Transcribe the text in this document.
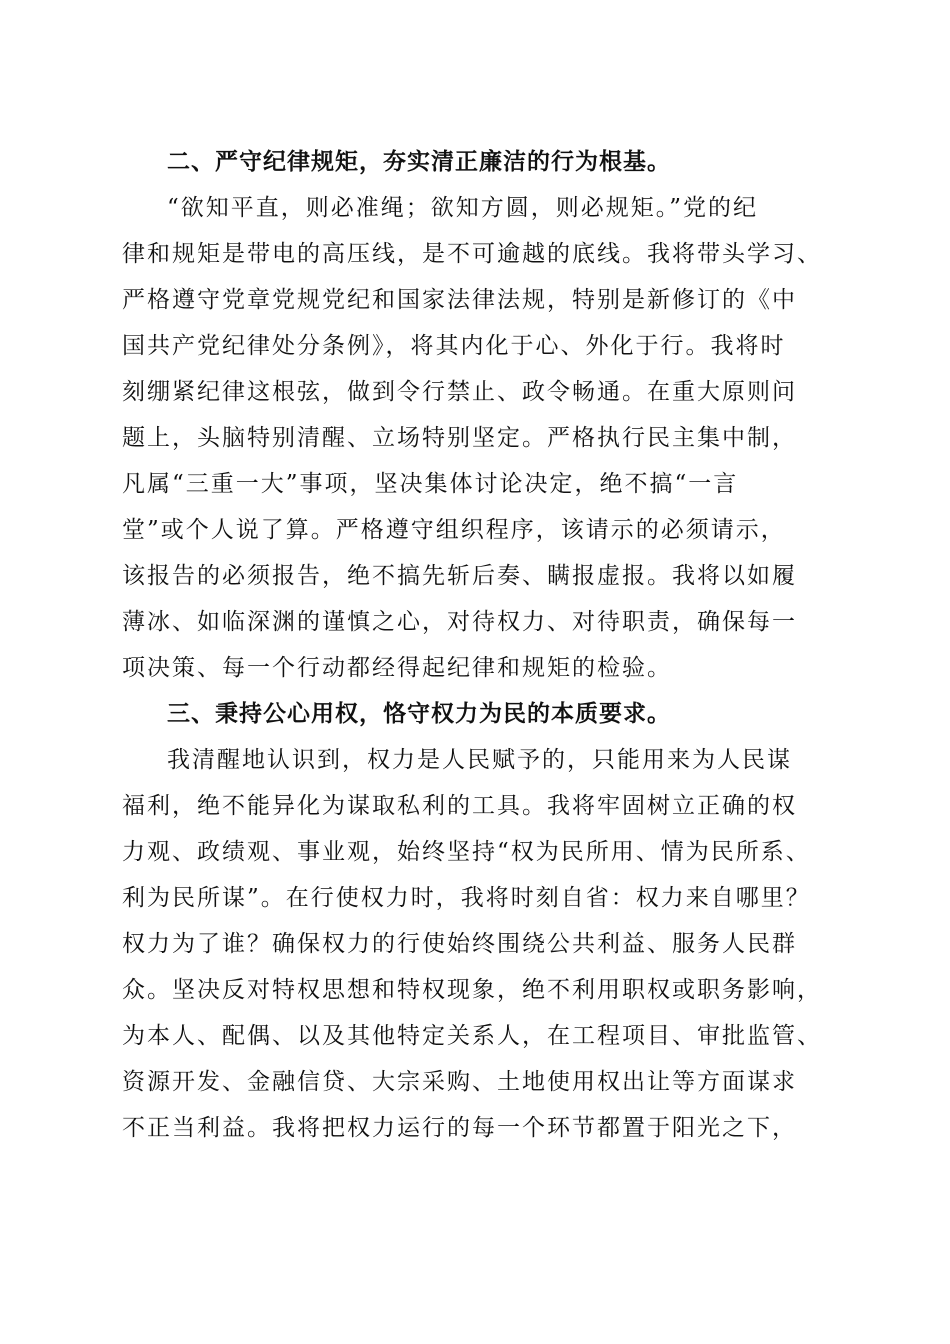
二、严守纪律规矩，夯实清正廉洁的行为根基。
“欲知平直，则必准绳；欲知方圆，则必规矩。”党的纪
律和规矩是带电的高压线，是不可逾越的底线。我将带头学习、
严格遵守党章党规党纪和国家法律法规，特别是新修订的《中
国共产党纪律处分条例》，将其内化于心、外化于行。我将时
刻绷紧纪律这根弦，做到令行禁止、政令畅通。在重大原则问
题上，头脑特别清醒、立场特别坚定。严格执行民主集中制，
凡属“三重一大”事项，坚决集体讨论决定，绝不搞“一言
堂”或个人说了算。严格遵守组织程序，该请示的必须请示，
该报告的必须报告，绝不搞先斩后奏、瞒报虚报。我将以如履
薄冰、如临深渊的谨慎之心，对待权力、对待职责，确保每一
项决策、每一个行动都经得起纪律和规矩的检验。
三、秉持公心用权，恪守权力为民的本质要求。
我清醒地认识到，权力是人民赋予的，只能用来为人民谋
福利，绝不能异化为谋取私利的工具。我将牢固树立正确的权
力观、政绩观、事业观，始终坚持“权为民所用、情为民所系、
利为民所谋”。在行使权力时，我将时刻自省：权力来自哪里？
权力为了谁？确保权力的行使始终围绕公共利益、服务人民群
众。坚决反对特权思想和特权现象，绝不利用职权或职务影响，
为本人、配偶、以及其他特定关系人，在工程项目、审批监管、
资源开发、金融信贷、大宗采购、土地使用权出让等方面谋求
不正当利益。我将把权力运行的每一个环节都置于阳光之下，
